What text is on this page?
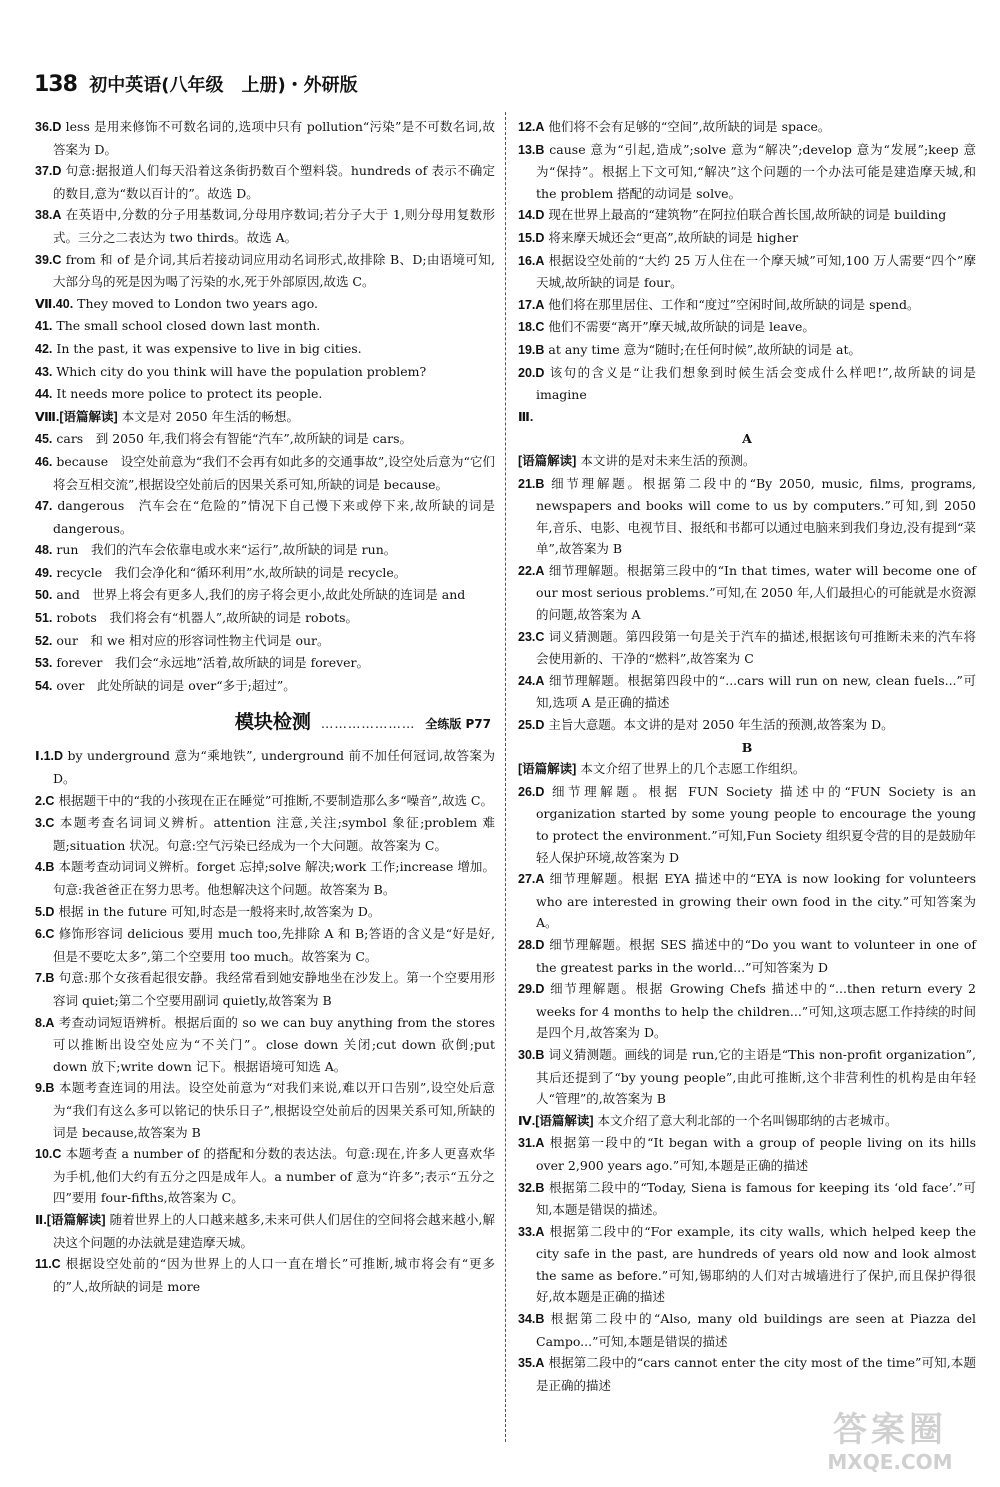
138 初中英语(八年级　上册)・外研版
36.D less 是用来修饰不可数名词的,选项中只有 pollution“污染”是不可数名词,故答案为 D。
37.D 句意:据报道人们每天沿着这条街扔数百个塑料袋。hundreds of 表示不确定的数目,意为“数以百计的”。故选 D。
38.A 在英语中,分数的分子用基数词,分母用序数词;若分子大于 1,则分母用复数形式。三分之二表达为 two thirds。故选 A。
39.C from 和 of 是介词,其后若接动词应用动名词形式,故排除 B、D;由语境可知,大部分鸟的死是因为喝了污染的水,死于外部原因,故选 C。
Ⅶ.40. They moved to London two years ago.
41. The small school closed down last month.
42. In the past, it was expensive to live in big cities.
43. Which city do you think will have the population problem?
44. It needs more police to protect its people.
Ⅷ.[语篇解读] 本文是对 2050 年生活的畅想。
45. cars　到 2050 年,我们将会有智能“汽车”,故所缺的词是 cars。
46. because　设空处前意为“我们不会再有如此多的交通事故”,设空处后意为“它们将会互相交流”,根据设空处前后的因果关系可知,所缺的词是 because。
47. dangerous　汽车会在“危险的”情况下自己慢下来或停下来,故所缺的词是 dangerous。
48. run　我们的汽车会依靠电或水来“运行”,故所缺的词是 run。
49. recycle　我们会净化和“循环利用”水,故所缺的词是 recycle。
50. and　世界上将会有更多人,我们的房子将会更小,故此处所缺的连词是 and
51. robots　我们将会有“机器人”,故所缺的词是 robots。
52. our　和 we 相对应的形容词性物主代词是 our。
53. forever　我们会“永远地”活着,故所缺的词是 forever。
54. over　此处所缺的词是 over“多于;超过”。
模块检测 ………………… 全练版 P77
Ⅰ.1.D by underground 意为“乘地铁”, underground 前不加任何冠词,故答案为 D。
2.C 根据题干中的“我的小孩现在正在睡觉”可推断,不要制造那么多“噪音”,故选 C。
3.C 本题考查名词词义辨析。attention 注意,关注;symbol 象征;problem 难题;situation 状况。句意:空气污染已经成为一个大问题。故答案为 C。
4.B 本题考查动词词义辨析。forget 忘掉;solve 解决;work 工作;increase 增加。句意:我爸爸正在努力思考。他想解决这个问题。故答案为 B。
5.D 根据 in the future 可知,时态是一般将来时,故答案为 D。
6.C 修饰形容词 delicious 要用 much too,先排除 A 和 B;答语的含义是“好是好,但是不要吃太多”,第二个空要用 too much。故答案为 C。
7.B 句意:那个女孩看起很安静。我经常看到她安静地坐在沙发上。第一个空要用形容词 quiet;第二个空要用副词 quietly,故答案为 B
8.A 考查动词短语辨析。根据后面的 so we can buy anything from the stores 可以推断出设空处应为“不关门”。close down 关闭;cut down 砍倒;put down 放下;write down 记下。根据语境可知选 A。
9.B 本题考查连词的用法。设空处前意为“对我们来说,难以开口告别”,设空处后意为“我们有这么多可以铭记的快乐日子”,根据设空处前后的因果关系可知,所缺的词是 because,故答案为 B
10.C 本题考查 a number of 的搭配和分数的表达法。句意:现在,许多人更喜欢华为手机,他们大约有五分之四是成年人。a number of 意为“许多”;表示“五分之四”要用 four-fifths,故答案为 C。
Ⅱ.[语篇解读] 随着世界上的人口越来越多,未来可供人们居住的空间将会越来越小,解决这个问题的办法就是建造摩天城。
11.C 根据设空处前的“因为世界上的人口一直在增长”可推断,城市将会有“更多的”人,故所缺的词是 more
12.A 他们将不会有足够的“空间”,故所缺的词是 space。
13.B cause 意为“引起,造成”;solve 意为“解决”;develop 意为“发展”;keep 意为“保持”。根据上下文可知,“解决”这个问题的一个办法可能是建造摩天城,和 the problem 搭配的动词是 solve。
14.D 现在世界上最高的“建筑物”在阿拉伯联合酋长国,故所缺的词是 building
15.D 将来摩天城还会“更高”,故所缺的词是 higher
16.A 根据设空处前的“大约 25 万人住在一个摩天城”可知,100 万人需要“四个”摩天城,故所缺的词是 four。
17.A 他们将在那里居住、工作和“度过”空闲时间,故所缺的词是 spend。
18.C 他们不需要“离开”摩天城,故所缺的词是 leave。
19.B at any time 意为“随时;在任何时候”,故所缺的词是 at。
20.D 该句的含义是“让我们想象到时候生活会变成什么样吧!”,故所缺的词是 imagine
Ⅲ.
A
[语篇解读] 本文讲的是对未来生活的预测。
21.B 细节理解题。根据第二段中的“By 2050, music, films, programs, newspapers and books will come to us by computers.”可知,到 2050 年,音乐、电影、电视节目、报纸和书都可以通过电脑来到我们身边,没有提到“菜单”,故答案为 B
22.A 细节理解题。根据第三段中的“In that times, water will become one of our most serious problems.”可知,在 2050 年,人们最担心的可能就是水资源的问题,故答案为 A
23.C 词义猜测题。第四段第一句是关于汽车的描述,根据该句可推断未来的汽车将会使用新的、干净的“燃料”,故答案为 C
24.A 细节理解题。根据第四段中的“...cars will run on new, clean fuels...”可知,选项 A 是正确的描述
25.D 主旨大意题。本文讲的是对 2050 年生活的预测,故答案为 D。
B
[语篇解读] 本文介绍了世界上的几个志愿工作组织。
26.D 细节理解题。根据 FUN Society 描述中的“FUN Society is an organization started by some young people to encourage the young to protect the environment.”可知,Fun Society 组织夏令营的目的是鼓励年轻人保护环境,故答案为 D
27.A 细节理解题。根据 EYA 描述中的“EYA is now looking for volunteers who are interested in growing their own food in the city.”可知答案为 A。
28.D 细节理解题。根据 SES 描述中的“Do you want to volunteer in one of the greatest parks in the world...”可知答案为 D
29.D 细节理解题。根据 Growing Chefs 描述中的“...then return every 2 weeks for 4 months to help the children...”可知,这项志愿工作持续的时间是四个月,故答案为 D。
30.B 词义猜测题。画线的词是 run,它的主语是“This non-profit organization”,其后还提到了“by young people”,由此可推断,这个非营利性的机构是由年轻人“管理”的,故答案为 B
Ⅳ.[语篇解读] 本文介绍了意大利北部的一个名叫锡耶纳的古老城市。
31.A 根据第一段中的“It began with a group of people living on its hills over 2,900 years ago.”可知,本题是正确的描述
32.B 根据第二段中的“Today, Siena is famous for keeping its ‘old face’.”可知,本题是错误的描述。
33.A 根据第二段中的“For example, its city walls, which helped keep the city safe in the past, are hundreds of years old now and look almost the same as before.”可知,锡耶纳的人们对古城墙进行了保护,而且保护得很好,故本题是正确的描述
34.B 根据第二段中的“Also, many old buildings are seen at Piazza del Campo...”可知,本题是错误的描述
35.A 根据第二段中的“cars cannot enter the city most of the time”可知,本题是正确的描述
答案圈
MXQE.COM
